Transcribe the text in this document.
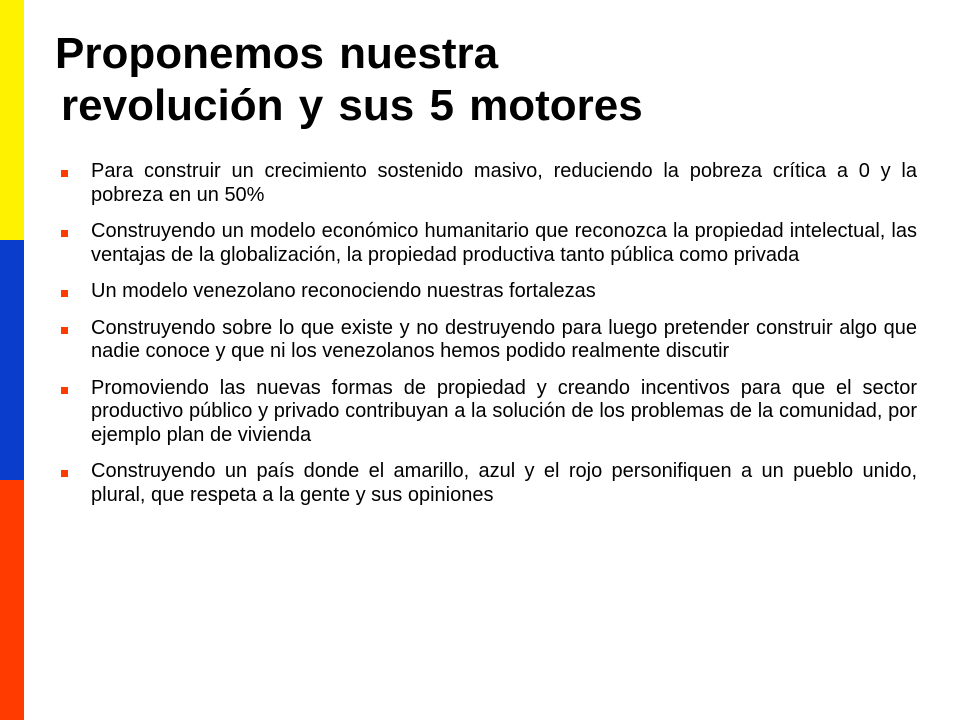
Proponemos nuestra
revolución y sus 5 motores
Para construir un crecimiento sostenido masivo, reduciendo la pobreza crítica a 0 y la pobreza en un 50%
Construyendo un modelo económico humanitario que reconozca la propiedad intelectual, las ventajas de la globalización, la propiedad productiva tanto pública como privada
Un modelo venezolano reconociendo nuestras fortalezas
Construyendo sobre lo que existe y no destruyendo para luego pretender construir algo que nadie conoce y que ni los venezolanos hemos podido realmente discutir
Promoviendo las nuevas formas de propiedad y creando incentivos para que el sector productivo público y privado contribuyan a la solución de los problemas de la comunidad, por ejemplo plan de vivienda
Construyendo un país donde el amarillo, azul y el rojo personifiquen a un pueblo unido, plural, que respeta a la gente y sus opiniones
